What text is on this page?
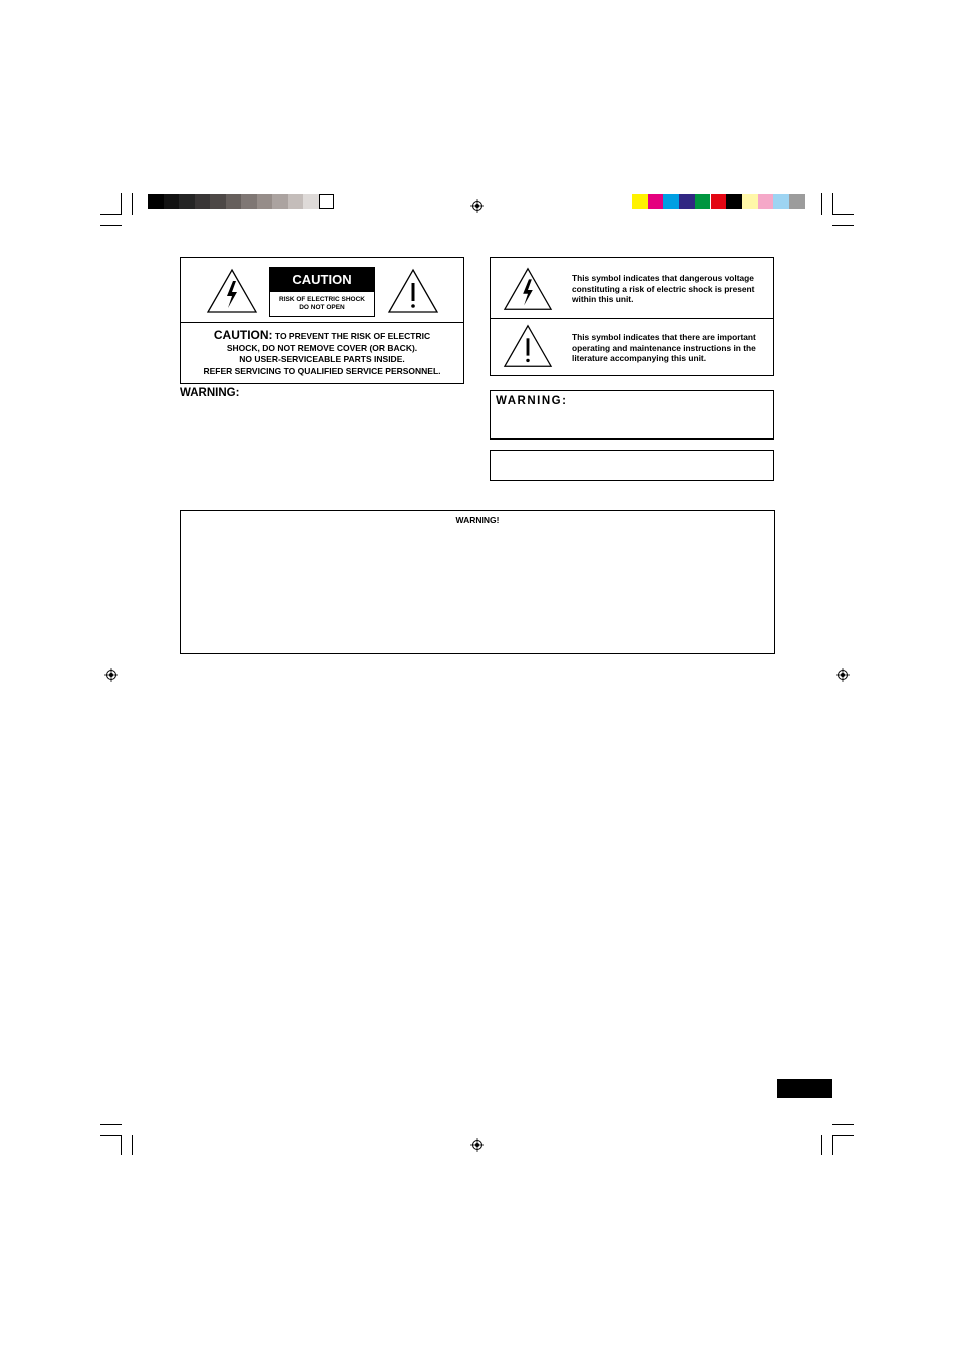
CAUTION
RISK OF ELECTRIC SHOCK
DO NOT OPEN
CAUTION: TO PREVENT THE RISK OF ELECTRIC
SHOCK, DO NOT REMOVE COVER (OR BACK).
NO USER-SERVICEABLE PARTS INSIDE.
REFER SERVICING TO QUALIFIED SERVICE PERSONNEL.
WARNING:
This symbol indicates that dangerous voltage constituting a risk of electric shock is present within this unit.
This symbol indicates that there are important operating and maintenance instructions in the literature accompanying this unit.
WARNING:
WARNING!
